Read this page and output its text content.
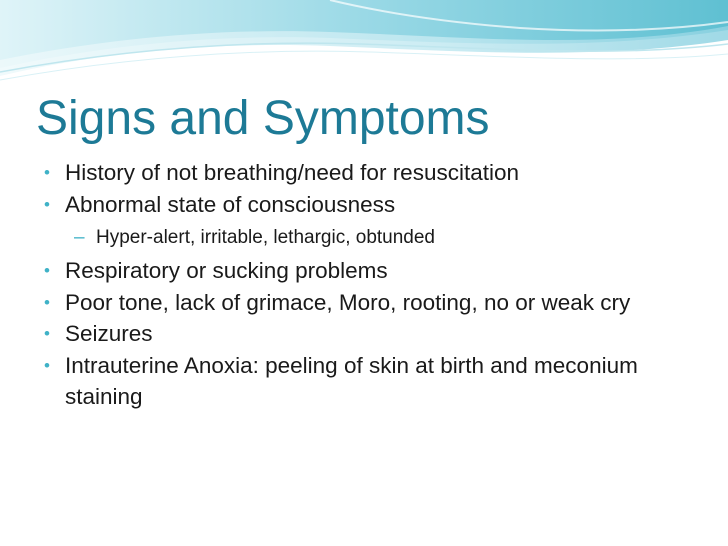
Signs and Symptoms
• History of not breathing/need for resuscitation
• Abnormal state of consciousness
– Hyper-alert, irritable, lethargic, obtunded
• Respiratory or sucking problems
• Poor tone, lack of grimace, Moro, rooting, no or weak cry
• Seizures
• Intrauterine Anoxia: peeling of skin at birth and meconium staining
